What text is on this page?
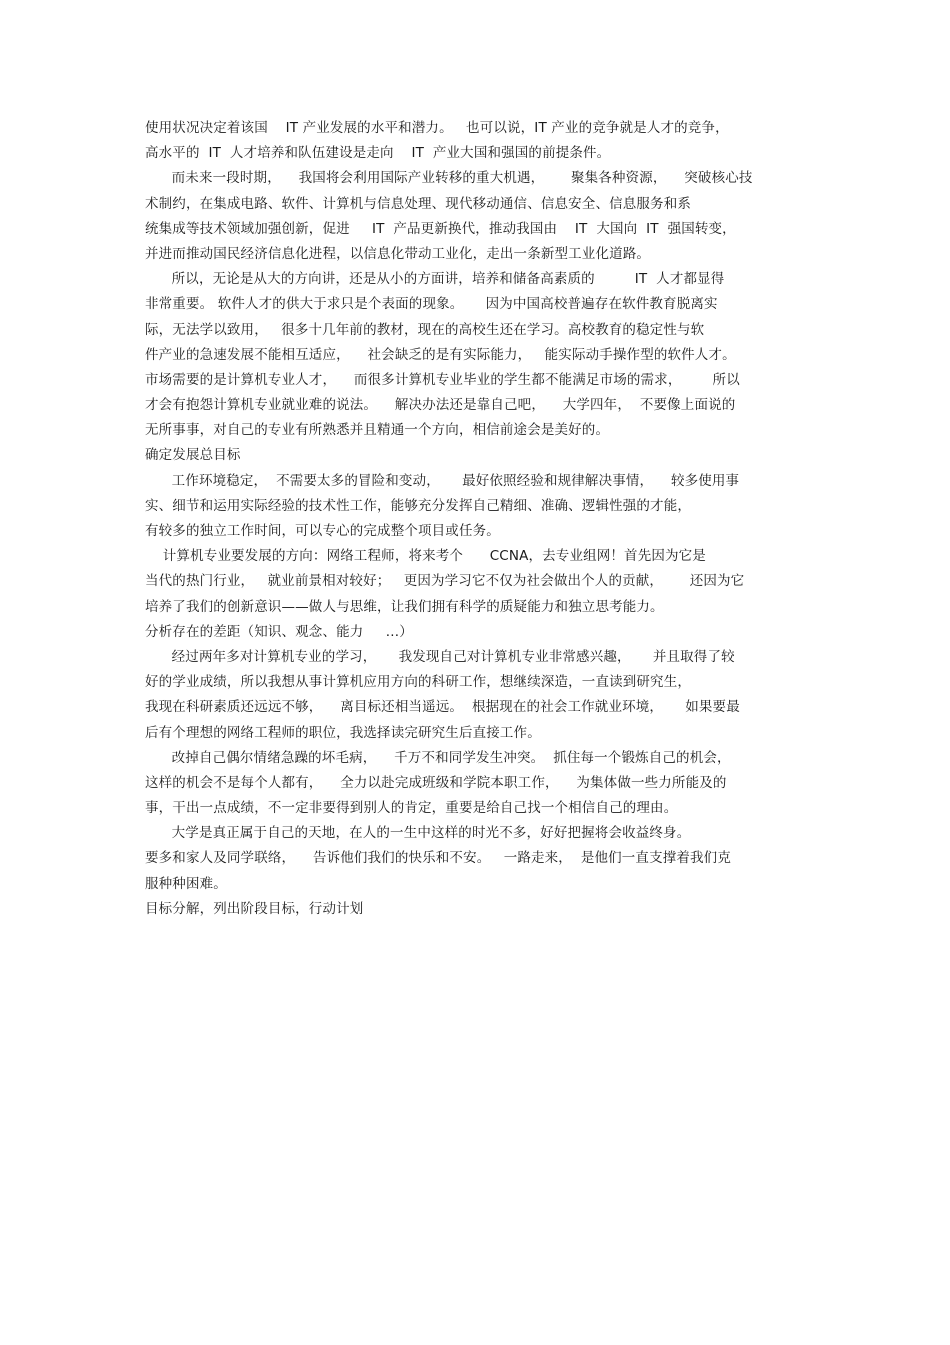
使用状况决定着该国    IT 产业发展的水平和潜力。   也可以说，IT 产业的竞争就是人才的竞争，
高水平的  IT  人才培养和队伍建设是走向    IT  产业大国和强国的前提条件。
而未来一段时期，    我国将会利用国际产业转移的重大机遇，      聚集各种资源，    突破核心技
术制约，在集成电路、软件、计算机与信息处理、现代移动通信、信息安全、信息服务和系
统集成等技术领域加强创新，促进     IT  产品更新换代，推动我国由    IT  大国向  IT  强国转变，
并进而推动国民经济信息化进程，以信息化带动工业化，走出一条新型工业化道路。
所以，无论是从大的方向讲，还是从小的方面讲，培养和储备高素质的         IT  人才都显得
非常重要。 软件人才的供大于求只是个表面的现象。     因为中国高校普遍存在软件教育脱离实
际，无法学以致用，   很多十几年前的教材，现在的高校生还在学习。高校教育的稳定性与软
件产业的急速发展不能相互适应，    社会缺乏的是有实际能力，   能实际动手操作型的软件人才。
市场需要的是计算机专业人才，    而很多计算机专业毕业的学生都不能满足市场的需求，       所以
才会有抱怨计算机专业就业难的说法。    解决办法还是靠自己吧，    大学四年，  不要像上面说的
无所事事，对自己的专业有所熟悉并且精通一个方向，相信前途会是美好的。
确定发展总目标
工作环境稳定，  不需要太多的冒险和变动，     最好依照经验和规律解决事情，    较多使用事
实、细节和运用实际经验的技术性工作，能够充分发挥自己精细、准确、逻辑性强的才能，
有较多的独立工作时间，可以专心的完成整个项目或任务。
计算机专业要发展的方向：网络工程师，将来考个      CCNA，去专业组网！首先因为它是
当代的热门行业，   就业前景相对较好；   更因为学习它不仅为社会做出个人的贡献，      还因为它
培养了我们的创新意识——做人与思维，让我们拥有科学的质疑能力和独立思考能力。
分析存在的差距（知识、观念、能力     …）
经过两年多对计算机专业的学习，     我发现自己对计算机专业非常感兴趣，     并且取得了较
好的学业成绩，所以我想从事计算机应用方向的科研工作，想继续深造，一直读到研究生，
我现在科研素质还远远不够，    离目标还相当遥远。  根据现在的社会工作就业环境，     如果要最
后有个理想的网络工程师的职位，我选择读完研究生后直接工作。
改掉自己偶尔情绪急躁的坏毛病，    千万不和同学发生冲突。  抓住每一个锻炼自己的机会，
这样的机会不是每个人都有，    全力以赴完成班级和学院本职工作，    为集体做一些力所能及的
事，干出一点成绩，不一定非要得到别人的肯定，重要是给自己找一个相信自己的理由。
大学是真正属于自己的天地，在人的一生中这样的时光不多，好好把握将会收益终身。
要多和家人及同学联络，    告诉他们我们的快乐和不安。   一路走来，  是他们一直支撑着我们克
服种种困难。
目标分解，列出阶段目标，行动计划
